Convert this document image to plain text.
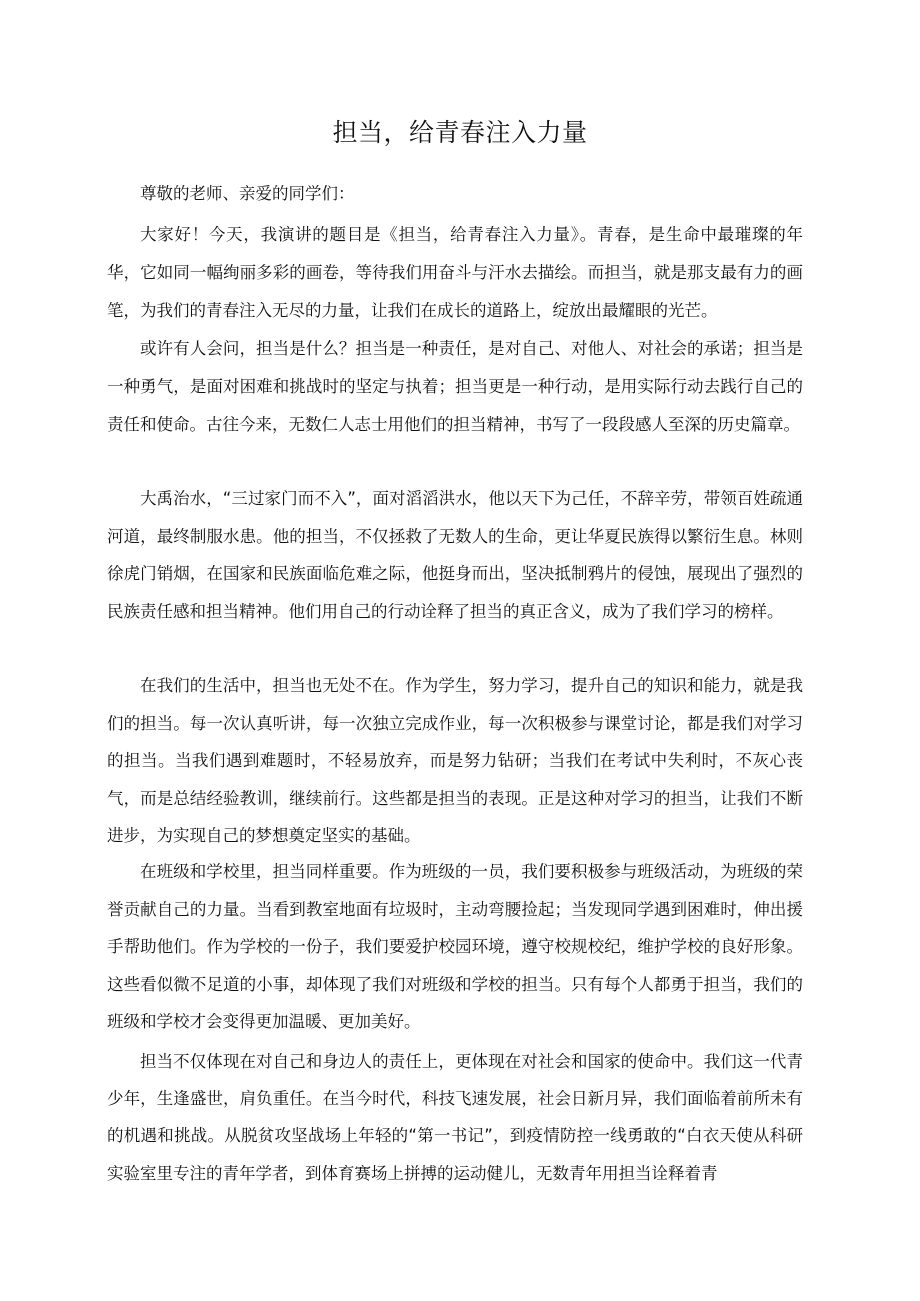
担当，给青春注入力量

尊敬的老师、亲爱的同学们：

大家好！今天，我演讲的题目是《担当，给青春注入力量》。青春，是生命中最璀璨的年华，它如同一幅绚丽多彩的画卷，等待我们用奋斗与汗水去描绘。而担当，就是那支最有力的画笔，为我们的青春注入无尽的力量，让我们在成长的道路上，绽放出最耀眼的光芒。

或许有人会问，担当是什么？担当是一种责任，是对自己、对他人、对社会的承诺；担当是一种勇气，是面对困难和挑战时的坚定与执着；担当更是一种行动，是用实际行动去践行自己的责任和使命。古往今来，无数仁人志士用他们的担当精神，书写了一段段感人至深的历史篇章。

大禹治水，“三过家门而不入”，面对滔滔洪水，他以天下为己任，不辞辛劳，带领百姓疏通河道，最终制服水患。他的担当，不仅拯救了无数人的生命，更让华夏民族得以繁衍生息。林则徐虎门销烟，在国家和民族面临危难之际，他挺身而出，坚决抵制鸦片的侵蚀，展现出了强烈的民族责任感和担当精神。他们用自己的行动诠释了担当的真正含义，成为了我们学习的榜样。

在我们的生活中，担当也无处不在。作为学生，努力学习，提升自己的知识和能力，就是我们的担当。每一次认真听讲，每一次独立完成作业，每一次积极参与课堂讨论，都是我们对学习的担当。当我们遇到难题时，不轻易放弃，而是努力钻研；当我们在考试中失利时，不灰心丧气，而是总结经验教训，继续前行。这些都是担当的表现。正是这种对学习的担当，让我们不断进步，为实现自己的梦想奠定坚实的基础。

在班级和学校里，担当同样重要。作为班级的一员，我们要积极参与班级活动，为班级的荣誉贡献自己的力量。当看到教室地面有垃圾时，主动弯腰捡起；当发现同学遇到困难时，伸出援手帮助他们。作为学校的一份子，我们要爱护校园环境，遵守校规校纪，维护学校的良好形象。这些看似微不足道的小事，却体现了我们对班级和学校的担当。只有每个人都勇于担当，我们的班级和学校才会变得更加温暖、更加美好。

担当不仅体现在对自己和身边人的责任上，更体现在对社会和国家的使命中。我们这一代青少年，生逢盛世，肩负重任。在当今时代，科技飞速发展，社会日新月异，我们面临着前所未有的机遇和挑战。从脱贫攻坚战场上年轻的“第一书记”，到疫情防控一线勇敢的“白衣天使从科研实验室里专注的青年学者，到体育赛场上拼搏的运动健儿，无数青年用担当诠释着青
